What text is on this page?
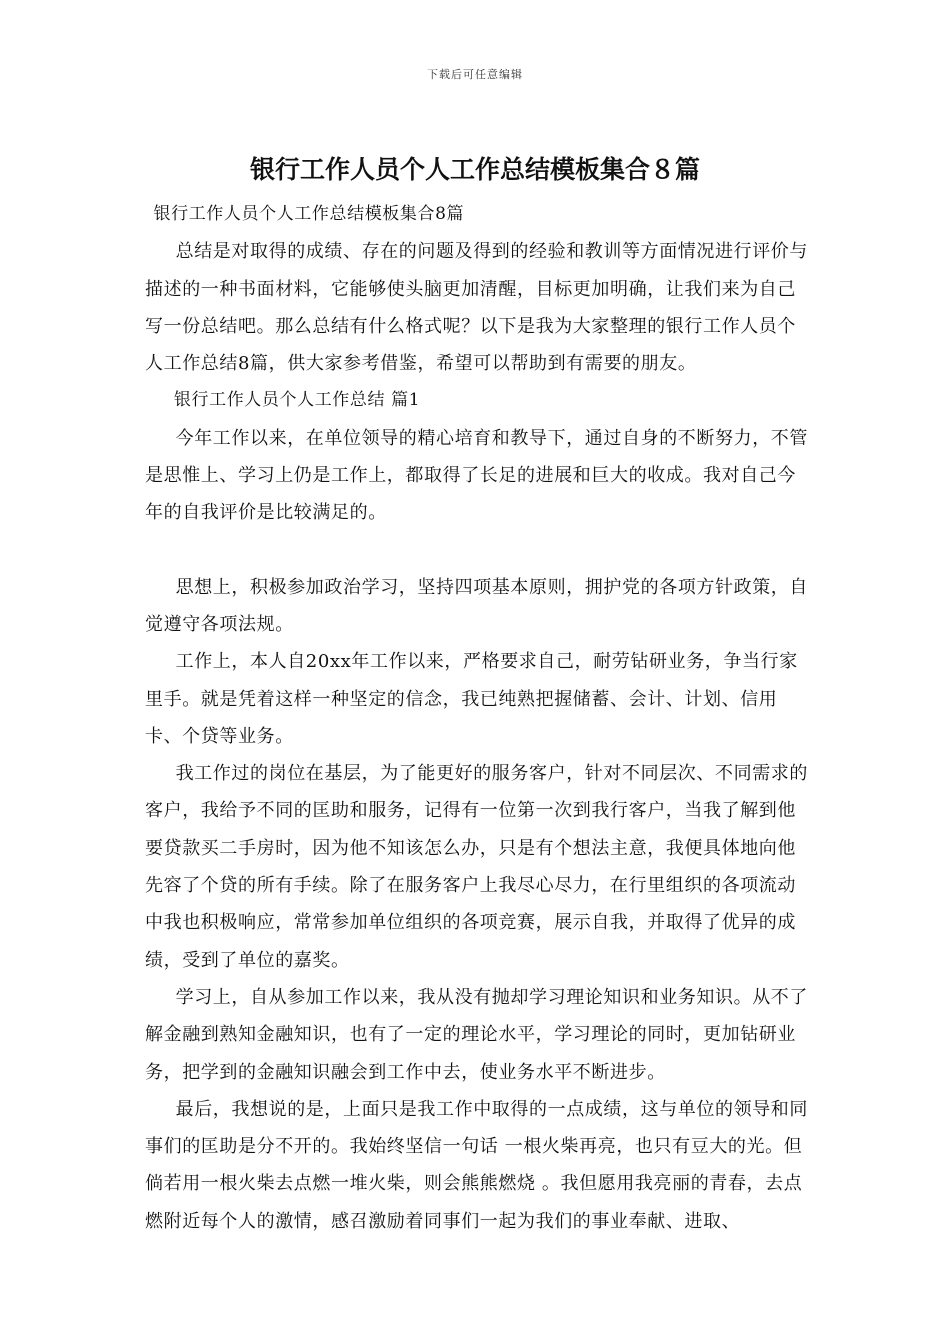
下载后可任意编辑
银行工作人员个人工作总结模板集合８篇

银行工作人员个人工作总结模板集合8篇

总结是对取得的成绩、存在的问题及得到的经验和教训等方面情况进行评价与描述的一种书面材料，它能够使头脑更加清醒，目标更加明确，让我们来为自己写一份总结吧。那么总结有什么格式呢？以下是我为大家整理的银行工作人员个人工作总结8篇，供大家参考借鉴，希望可以帮助到有需要的朋友。

银行工作人员个人工作总结 篇1

今年工作以来，在单位领导的精心培育和教导下，通过自身的不断努力，不管是思惟上、学习上仍是工作上，都取得了长足的进展和巨大的收成。我对自己今年的自我评价是比较满足的。

思想上，积极参加政治学习，坚持四项基本原则，拥护党的各项方针政策，自觉遵守各项法规。

工作上，本人自20xx年工作以来，严格要求自己，耐劳钻研业务，争当行家里手。就是凭着这样一种坚定的信念，我已纯熟把握储蓄、会计、计划、信用卡、个贷等业务。

我工作过的岗位在基层，为了能更好的服务客户，针对不同层次、不同需求的客户，我给予不同的匡助和服务，记得有一位第一次到我行客户，当我了解到他要贷款买二手房时，因为他不知该怎么办，只是有个想法主意，我便具体地向他先容了个贷的所有手续。除了在服务客户上我尽心尽力，在行里组织的各项流动中我也积极响应，常常参加单位组织的各项竞赛，展示自我，并取得了优异的成绩，受到了单位的嘉奖。

学习上，自从参加工作以来，我从没有抛却学习理论知识和业务知识。从不了解金融到熟知金融知识，也有了一定的理论水平，学习理论的同时，更加钻研业务，把学到的金融知识融会到工作中去，使业务水平不断进步。

最后，我想说的是，上面只是我工作中取得的一点成绩，这与单位的领导和同事们的匡助是分不开的。我始终坚信一句话 一根火柴再亮，也只有豆大的光。但倘若用一根火柴去点燃一堆火柴，则会熊熊燃烧 。我但愿用我亮丽的青春，去点燃附近每个人的激情，感召激励着同事们一起为我们的事业奉献、进取、
